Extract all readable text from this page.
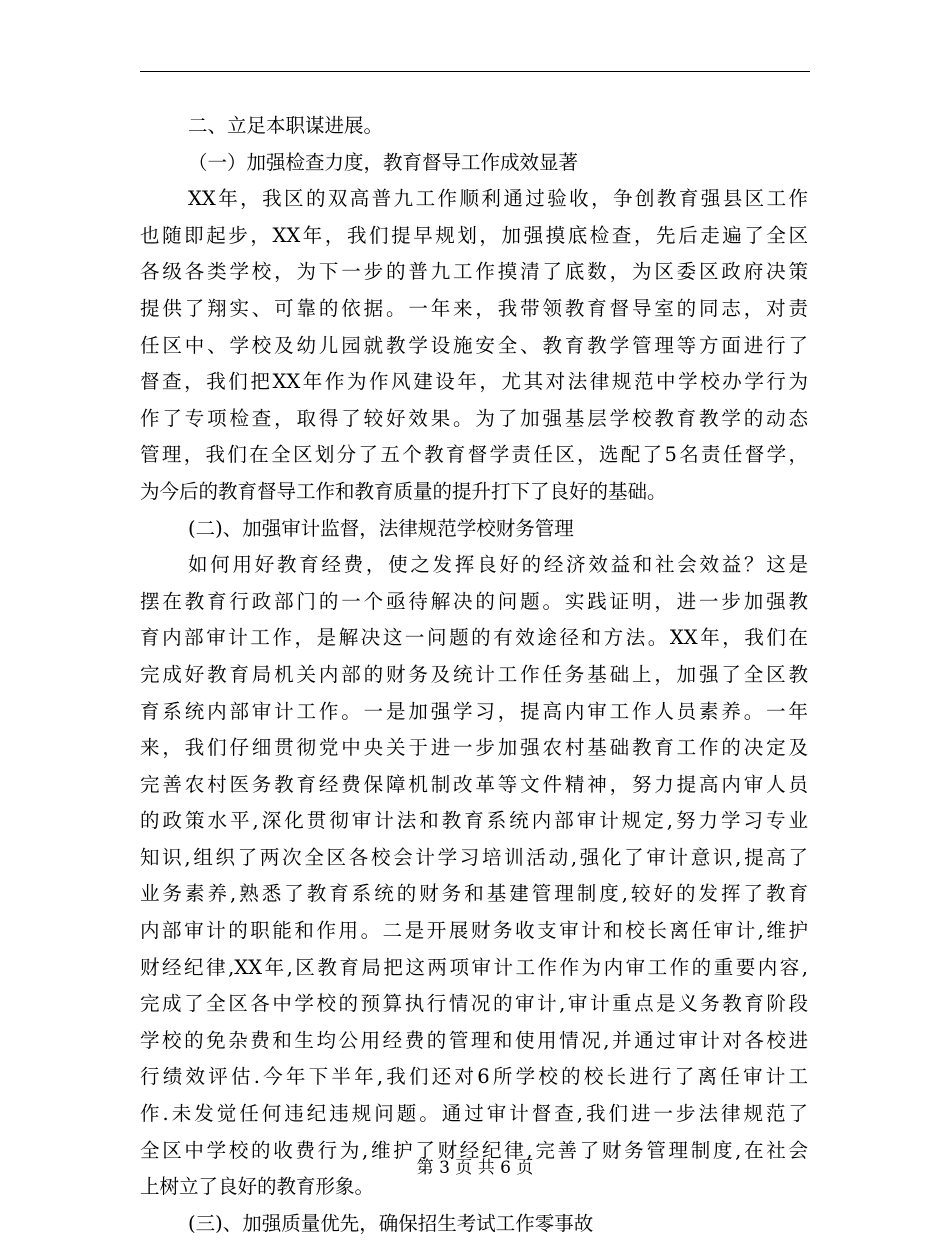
二、立足本职谋进展。
（一）加强检查力度，教育督导工作成效显著
XX年，我区的双高普九工作顺利通过验收，争创教育强县区工作
也随即起步，XX年，我们提早规划，加强摸底检查，先后走遍了全区
各级各类学校，为下一步的普九工作摸清了底数，为区委区政府决策
提供了翔实、可靠的依据。一年来，我带领教育督导室的同志，对责
任区中、学校及幼儿园就教学设施安全、教育教学管理等方面进行了
督查，我们把XX年作为作风建设年，尤其对法律规范中学校办学行为
作了专项检查，取得了较好效果。为了加强基层学校教育教学的动态
管理，我们在全区划分了五个教育督学责任区，选配了5名责任督学，
为今后的教育督导工作和教育质量的提升打下了良好的基础。
(二)、加强审计监督，法律规范学校财务管理
如何用好教育经费，使之发挥良好的经济效益和社会效益？这是
摆在教育行政部门的一个亟待解决的问题。实践证明，进一步加强教
育内部审计工作，是解决这一问题的有效途径和方法。XX年，我们在
完成好教育局机关内部的财务及统计工作任务基础上，加强了全区教
育系统内部审计工作。一是加强学习，提高内审工作人员素养。一年
来，我们仔细贯彻党中央关于进一步加强农村基础教育工作的决定及
完善农村医务教育经费保障机制改革等文件精神，努力提高内审人员
的政策水平,深化贯彻审计法和教育系统内部审计规定,努力学习专业
知识,组织了两次全区各校会计学习培训活动,强化了审计意识,提高了
业务素养,熟悉了教育系统的财务和基建管理制度,较好的发挥了教育
内部审计的职能和作用。二是开展财务收支审计和校长离任审计,维护
财经纪律,XX年,区教育局把这两项审计工作作为内审工作的重要内容,
完成了全区各中学校的预算执行情况的审计,审计重点是义务教育阶段
学校的免杂费和生均公用经费的管理和使用情况,并通过审计对各校进
行绩效评估.今年下半年,我们还对6所学校的校长进行了离任审计工
作.未发觉任何违纪违规问题。通过审计督查,我们进一步法律规范了
全区中学校的收费行为,维护了财经纪律,完善了财务管理制度,在社会
上树立了良好的教育形象。
(三)、加强质量优先，确保招生考试工作零事故
第 3 页 共 6 页
